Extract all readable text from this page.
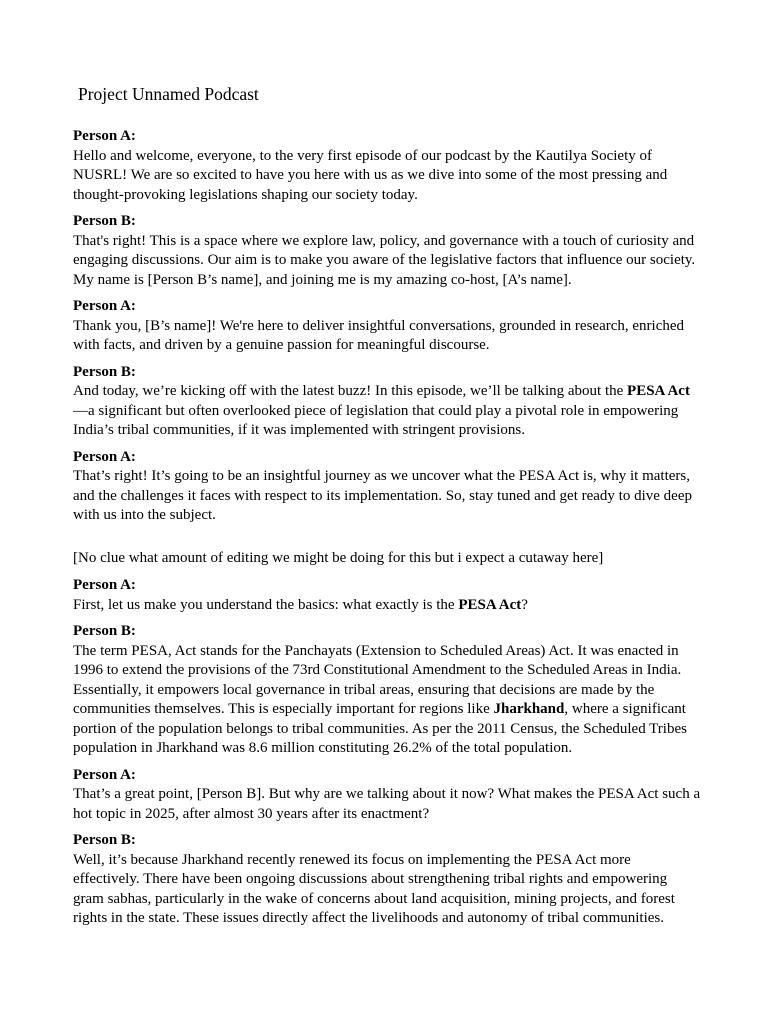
Project Unnamed Podcast
Person A:

Hello and welcome, everyone, to the very first episode of our podcast by the Kautilya Society of NUSRL! We are so excited to have you here with us as we dive into some of the most pressing and thought-provoking legislations shaping our society today.

Person B:

That's right! This is a space where we explore law, policy, and governance with a touch of curiosity and engaging discussions. Our aim is to make you aware of the legislative factors that influence our society. My name is [Person B’s name], and joining me is my amazing co-host, [A’s name].

Person A:

Thank you, [B’s name]! We're here to deliver insightful conversations, grounded in research, enriched with facts, and driven by a genuine passion for meaningful discourse.

Person B:

And today, we’re kicking off with the latest buzz! In this episode, we’ll be talking about the PESA Act—a significant but often overlooked piece of legislation that could play a pivotal role in empowering India’s tribal communities, if it was implemented with stringent provisions.

Person A:

That’s right! It’s going to be an insightful journey as we uncover what the PESA Act is, why it matters, and the challenges it faces with respect to its implementation. So, stay tuned and get ready to dive deep with us into the subject.

[No clue what amount of editing we might be doing for this but i expect a cutaway here]

Person A:

First, let us make you understand the basics: what exactly is the PESA Act?

Person B:

The term PESA, Act stands for the Panchayats (Extension to Scheduled Areas) Act. It was enacted in 1996 to extend the provisions of the 73rd Constitutional Amendment to the Scheduled Areas in India. Essentially, it empowers local governance in tribal areas, ensuring that decisions are made by the communities themselves. This is especially important for regions like Jharkhand, where a significant portion of the population belongs to tribal communities. As per the 2011 Census, the Scheduled Tribes population in Jharkhand was 8.6 million constituting 26.2% of the total population.

Person A:

That’s a great point, [Person B]. But why are we talking about it now? What makes the PESA Act such a hot topic in 2025, after almost 30 years after its enactment?

Person B:

Well, it’s because Jharkhand recently renewed its focus on implementing the PESA Act more effectively. There have been ongoing discussions about strengthening tribal rights and empowering gram sabhas, particularly in the wake of concerns about land acquisition, mining projects, and forest rights in the state. These issues directly affect the livelihoods and autonomy of tribal communities.
